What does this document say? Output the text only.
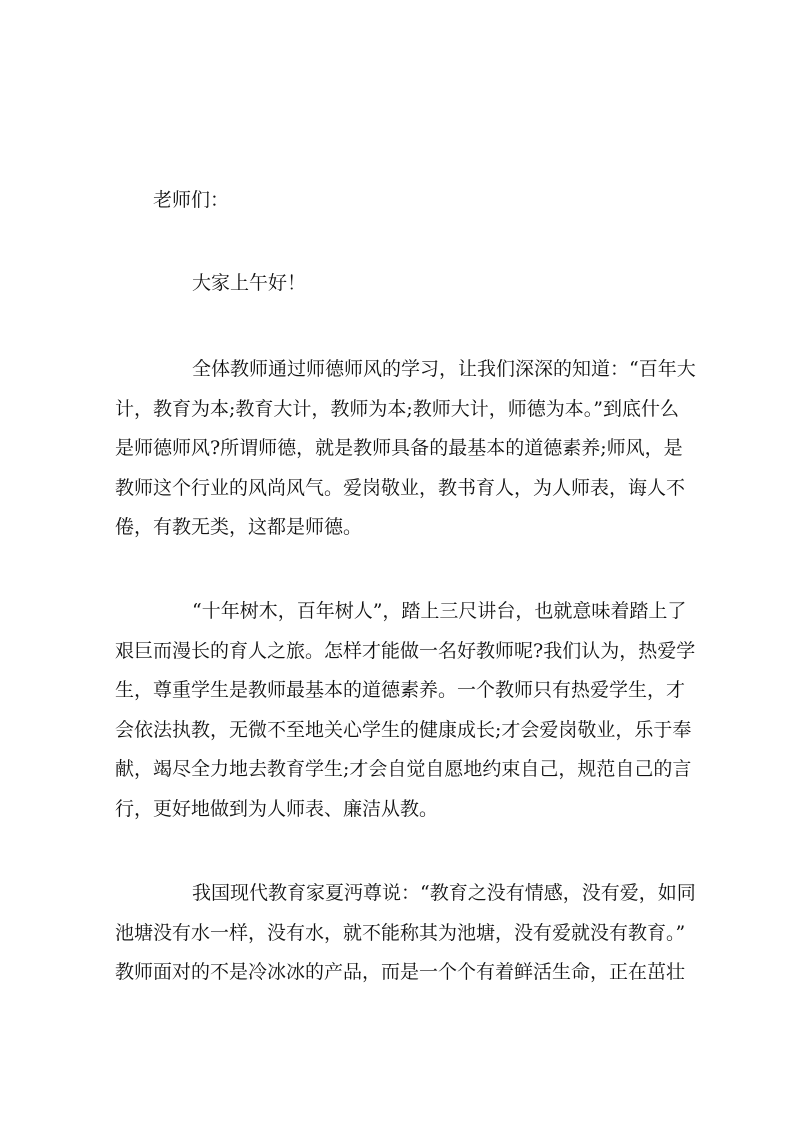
老师们：
大家上午好！
全体教师通过师德师风的学习，让我们深深的知道：“百年大
计，教育为本;教育大计，教师为本;教师大计，师德为本。”到底什么
是师德师风?所谓师德，就是教师具备的最基本的道德素养;师风，是
教师这个行业的风尚风气。爱岗敬业，教书育人，为人师表，诲人不
倦，有教无类，这都是师德。
“十年树木，百年树人”，踏上三尺讲台，也就意味着踏上了
艰巨而漫长的育人之旅。怎样才能做一名好教师呢?我们认为，热爱学
生，尊重学生是教师最基本的道德素养。一个教师只有热爱学生，才
会依法执教，无微不至地关心学生的健康成长;才会爱岗敬业，乐于奉
献，竭尽全力地去教育学生;才会自觉自愿地约束自己，规范自己的言
行，更好地做到为人师表、廉洁从教。
我国现代教育家夏沔尊说：“教育之没有情感，没有爱，如同
池塘没有水一样，没有水，就不能称其为池塘，没有爱就没有教育。”
教师面对的不是冷冰冰的产品，而是一个个有着鲜活生命，正在茁壮
